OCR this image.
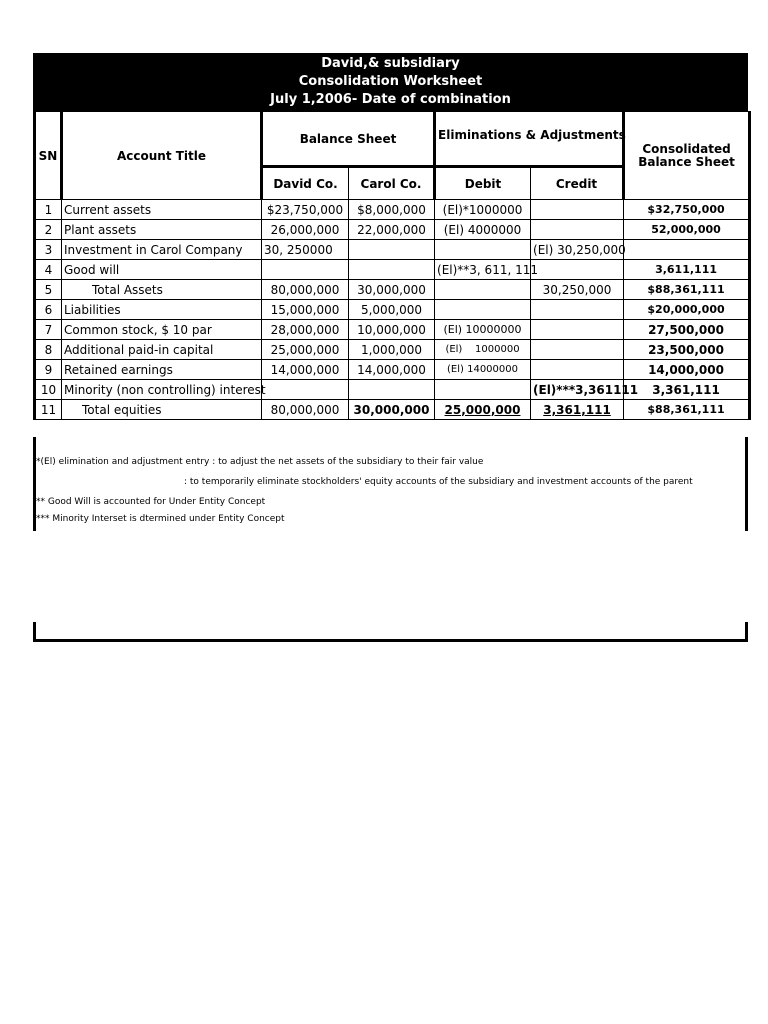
David,& subsidiary
Consolidation Worksheet
July 1,2006- Date of combination
SN	Account Title	Balance Sheet		Eliminations & Adjustments		Consolidated Balance Sheet
		David Co.	Carol Co.	Debit	Credit	
1	Current assets	$23,750,000	$8,000,000	(El)*1000000		$32,750,000
2	Plant assets	26,000,000	22,000,000	(El) 4000000		52,000,000
3	Investment in Carol Company	30, 250000			(El) 30,250,000	
4	Good will			(El)**3, 611, 111		3,611,111
5	Total Assets	80,000,000	30,000,000		30,250,000	$88,361,111
6	Liabilities	15,000,000	5,000,000			$20,000,000
7	Common stock, $ 10 par	28,000,000	10,000,000	(El) 10000000		27,500,000
8	Additional paid-in capital	25,000,000	1,000,000	(El)    1000000		23,500,000
9	Retained earnings	14,000,000	14,000,000	(El) 14000000		14,000,000
10	Minority (non controlling) interest				(El)***3,361111	3,361,111
11	Total equities	80,000,000	30,000,000	25,000,000	3,361,111	$88,361,111
*(El) elimination and adjustment entry : to adjust the net assets of the subsidiary to their fair value
: to temporarily eliminate stockholders' equity accounts of the subsidiary and investment accounts of the parent
** Good Will is accounted for Under Entity Concept
*** Minority Interset is dtermined under Entity Concept
